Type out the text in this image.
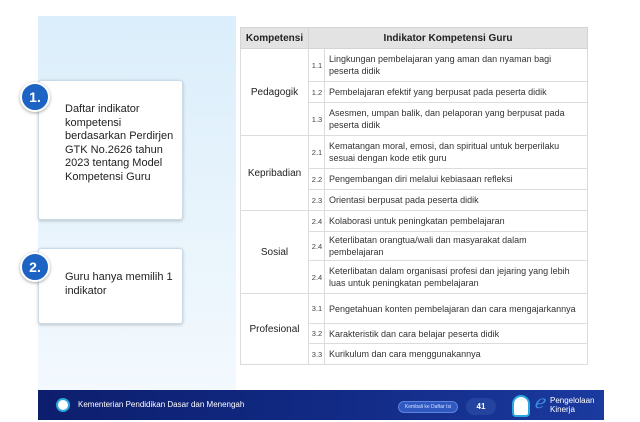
Daftar indikator kompetensi berdasarkan Perdirjen GTK No.2626 tahun 2023 tentang Model Kompetensi Guru

1.

Guru hanya memilih 1 indikator

2.
Kompetensi	Indikator Kompetensi Guru	
Pedagogik	1.1	Lingkungan pembelajaran yang aman dan nyaman bagi peserta didik
	1.2	Pembelajaran efektif yang berpusat pada peserta didik
	1.3	Asesmen, umpan balik, dan pelaporan yang berpusat pada peserta didik
Kepribadian	2.1	Kematangan moral, emosi, dan spiritual untuk berperilaku sesuai dengan kode etik guru
	2.2	Pengembangan diri melalui kebiasaan refleksi
	2.3	Orientasi berpusat pada peserta didik
Sosial	2.4	Kolaborasi untuk peningkatan pembelajaran
	2.4	Keterlibatan orangtua/wali dan masyarakat dalam pembelajaran
	2.4	Keterlibatan dalam organisasi profesi dan jejaring yang lebih luas untuk peningkatan pembelajaran
Profesional	3.1	Pengetahuan konten pembelajaran dan cara mengajarkannya
	3.2	Karakteristik dan cara belajar peserta didik
	3.3	Kurikulum dan cara menggunakannya
Kementerian Pendidikan Dasar dan Menengah	Kembali ke Daftar Isi	41	ℯ Pengelolaan
Kinerja
